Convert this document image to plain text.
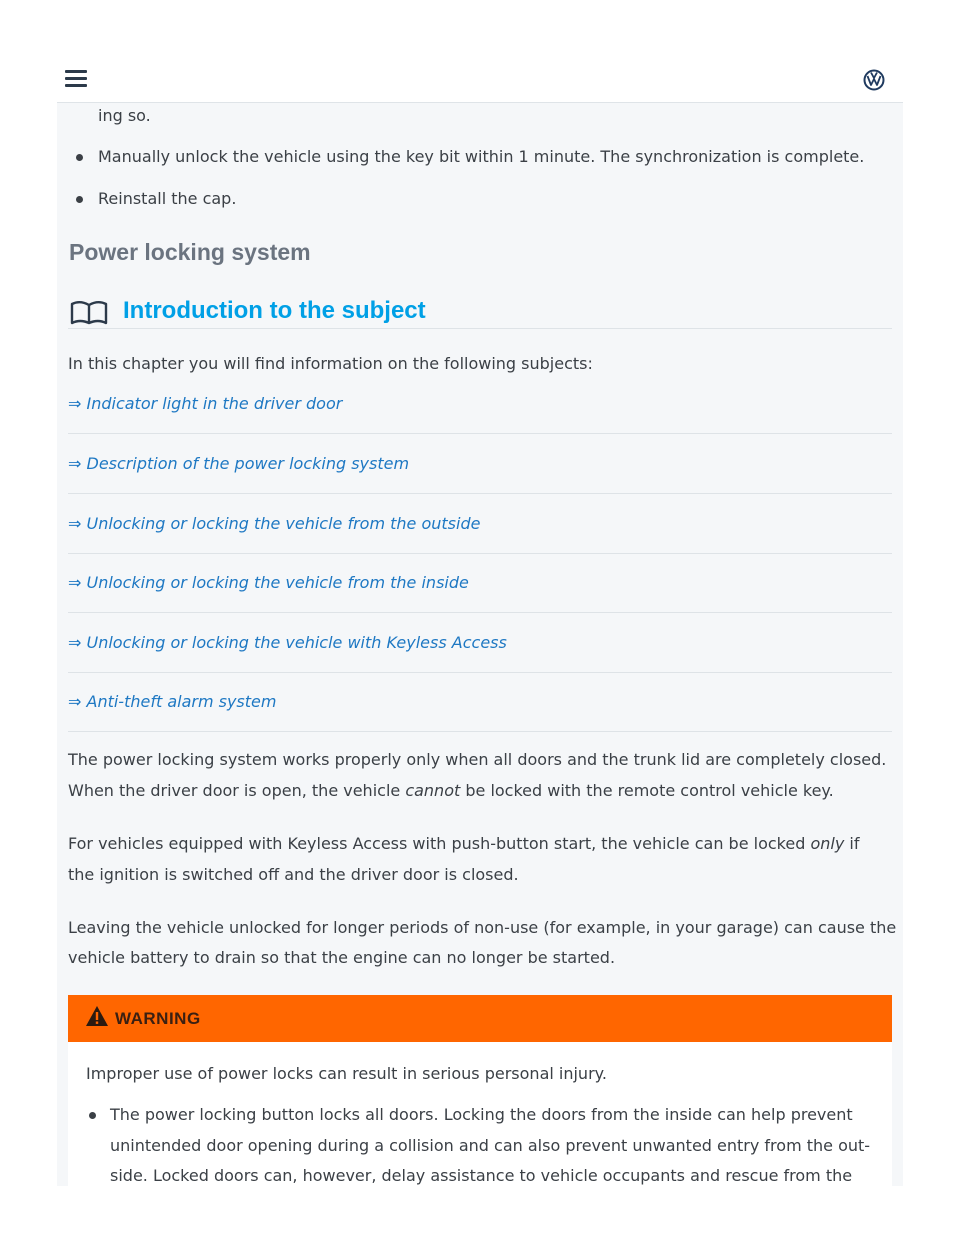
ing so.
Manually unlock the vehicle using the key bit within 1 minute. The synchronization is complete.
Reinstall the cap.
Power locking system
Introduction to the subject
In this chapter you will find information on the following subjects:
⇒ Indicator light in the driver door
⇒ Description of the power locking system
⇒ Unlocking or locking the vehicle from the outside
⇒ Unlocking or locking the vehicle from the inside
⇒ Unlocking or locking the vehicle with Keyless Access
⇒ Anti-theft alarm system
The power locking system works properly only when all doors and the trunk lid are completely closed.
When the driver door is open, the vehicle cannot be locked with the remote control vehicle key.
For vehicles equipped with Keyless Access with push-button start, the vehicle can be locked only if
the ignition is switched off and the driver door is closed.
Leaving the vehicle unlocked for longer periods of non-use (for example, in your garage) can cause the
vehicle battery to drain so that the engine can no longer be started.
WARNING
Improper use of power locks can result in serious personal injury.
The power locking button locks all doors. Locking the doors from the inside can help prevent
unintended door opening during a collision and can also prevent unwanted entry from the out-
side. Locked doors can, however, delay assistance to vehicle occupants and rescue from the
